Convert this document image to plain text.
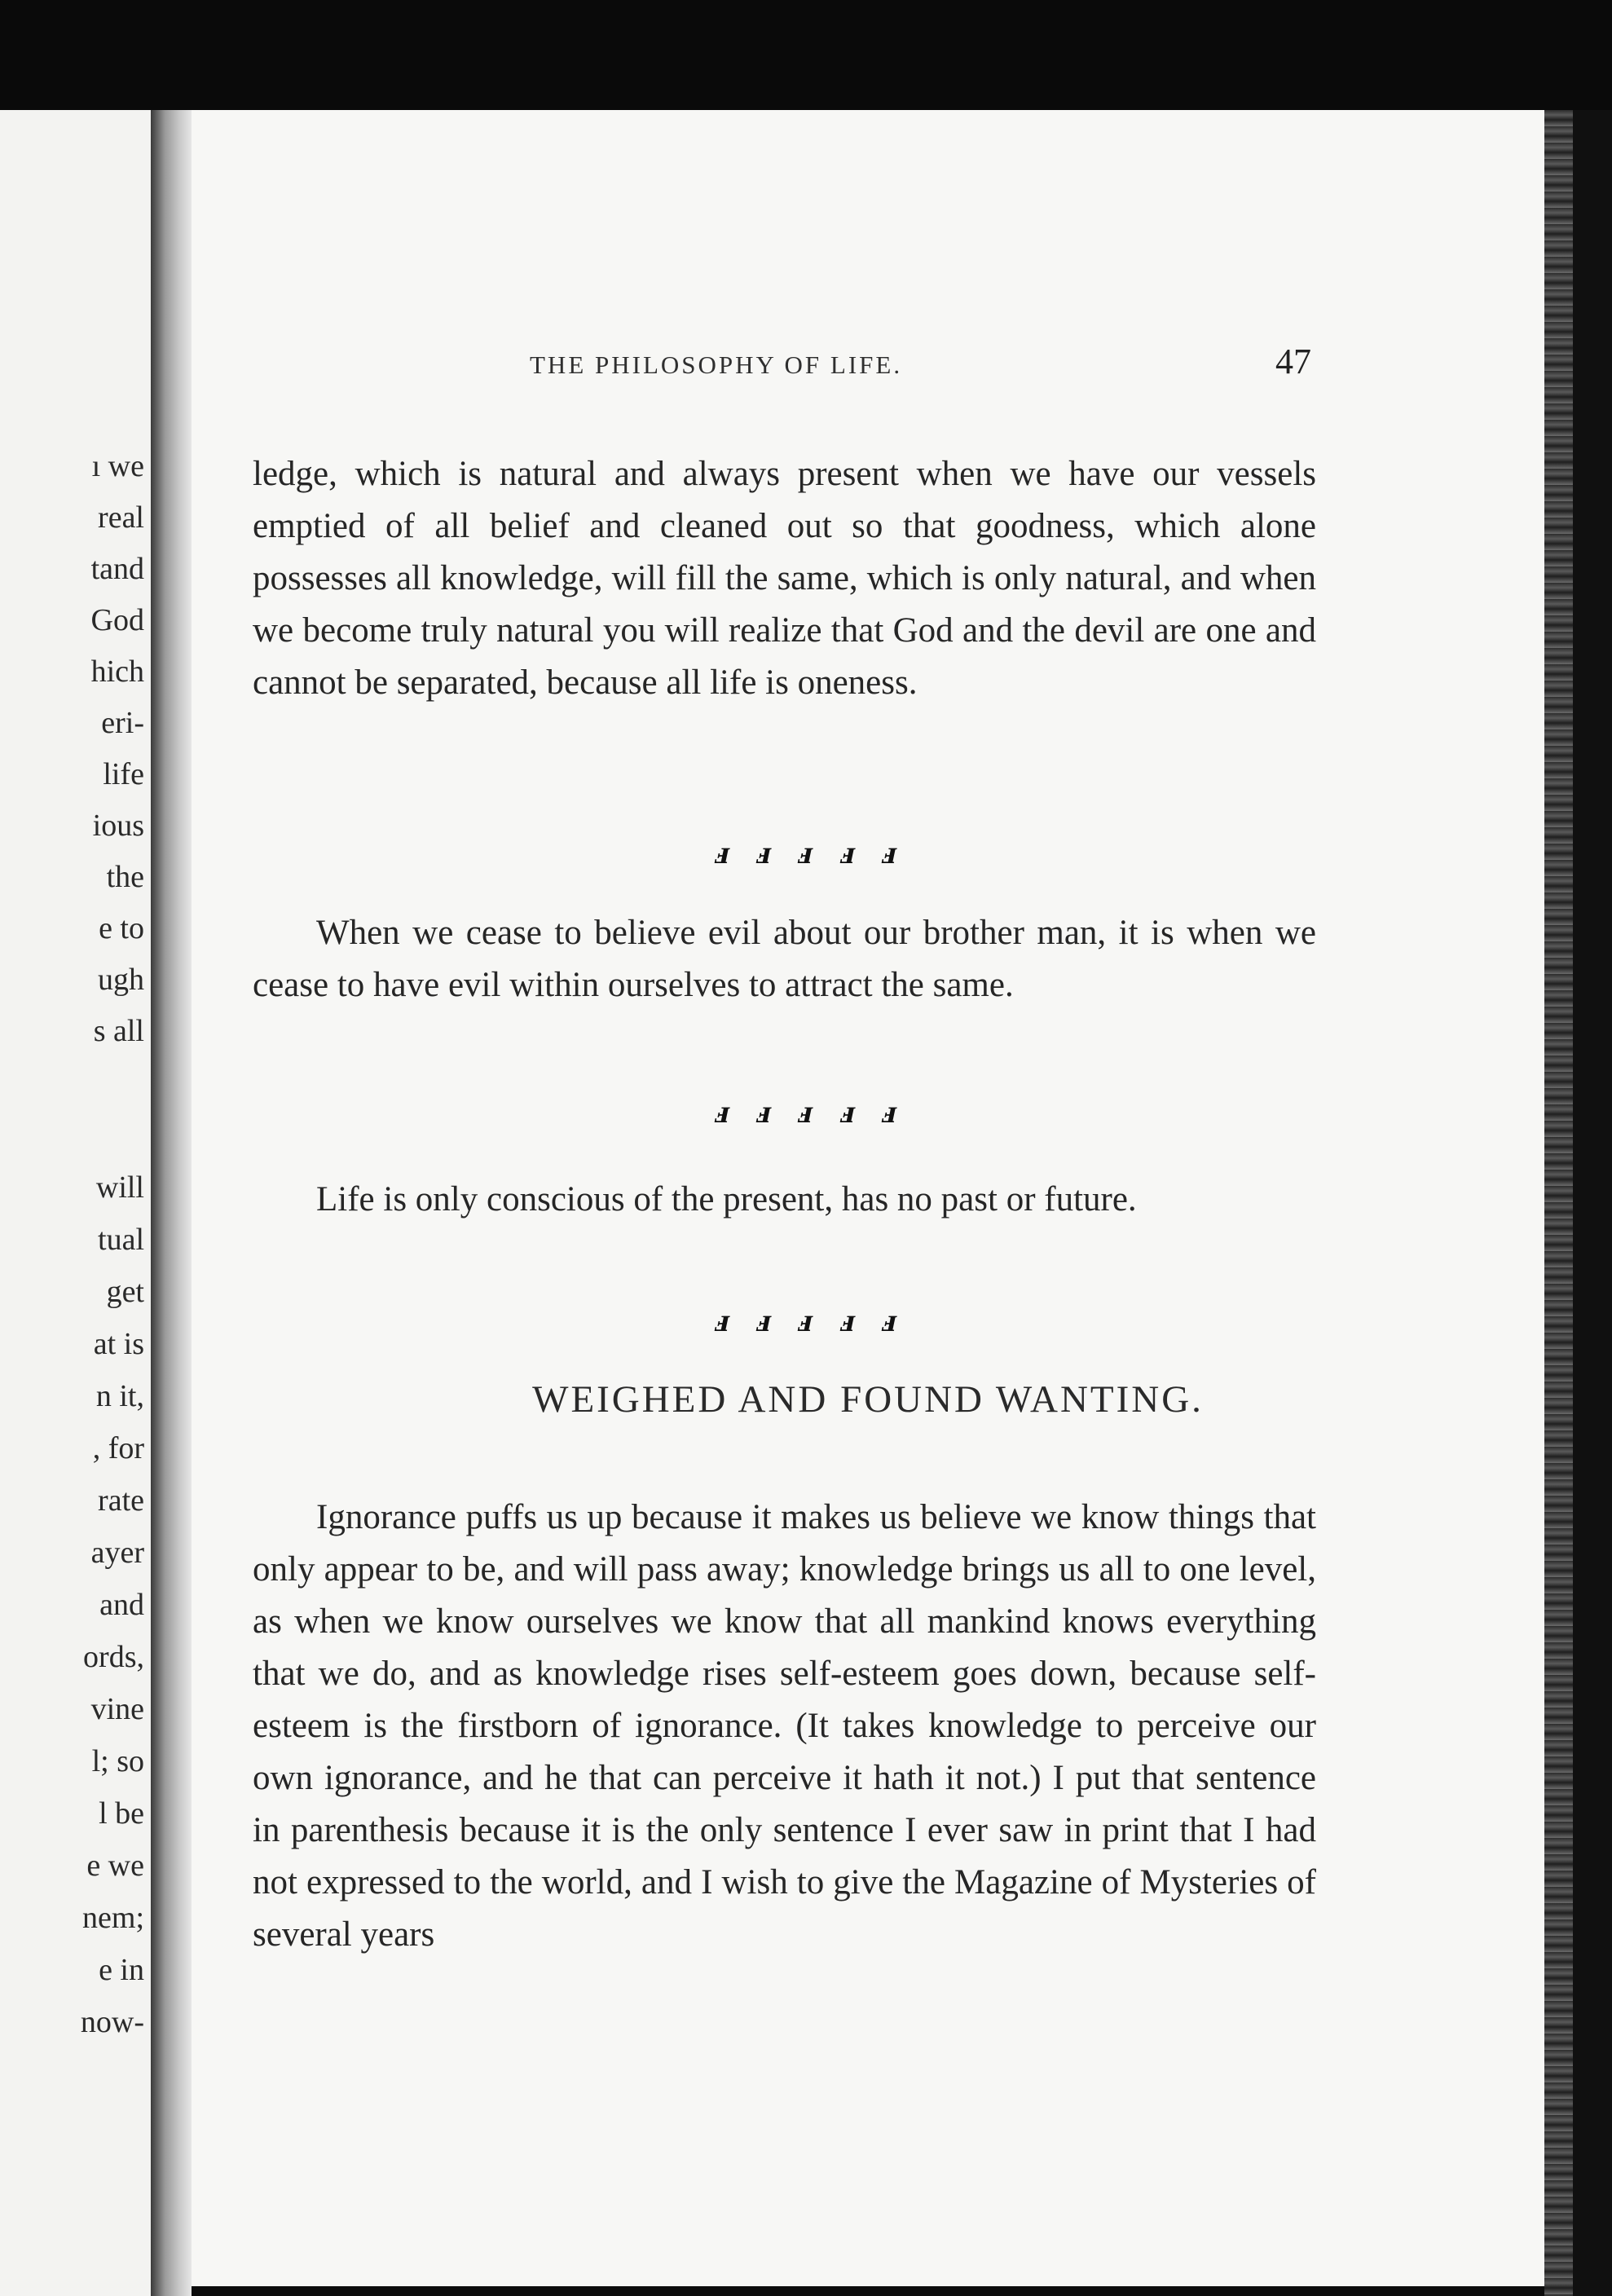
ı we
real
tand
God
hich
eri-
life
ious
the
e to
ugh
s all
will
tual
get
at is
n it,
, for
rate
ayer
and
ords,
vine
l; so
l be
e we
nem;
e in
now-
THE PHILOSOPHY OF LIFE.	47

ledge, which is natural and always present when we have our vessels emptied of all belief and cleaned out so that goodness, which alone possesses all knowledge, will fill the same, which is only natural, and when we become truly natural you will realize that God and the devil are one and cannot be separated, because all life is oneness.

ⅎ ⅎ ⅎ ⅎ ⅎ

When we cease to believe evil about our brother man, it is when we cease to have evil within ourselves to attract the same.

ⅎ ⅎ ⅎ ⅎ ⅎ

Life is only conscious of the present, has no past or future.

ⅎ ⅎ ⅎ ⅎ ⅎ
WEIGHED AND FOUND WANTING.

Ignorance puffs us up because it makes us believe we know things that only appear to be, and will pass away; knowledge brings us all to one level, as when we know ourselves we know that all mankind knows everything that we do, and as knowledge rises self-esteem goes down, because self-esteem is the firstborn of ignorance. (It takes knowledge to perceive our own ignorance, and he that can perceive it hath it not.) I put that sentence in parenthesis because it is the only sentence I ever saw in print that I had not expressed to the world, and I wish to give the Magazine of Mysteries of several years
